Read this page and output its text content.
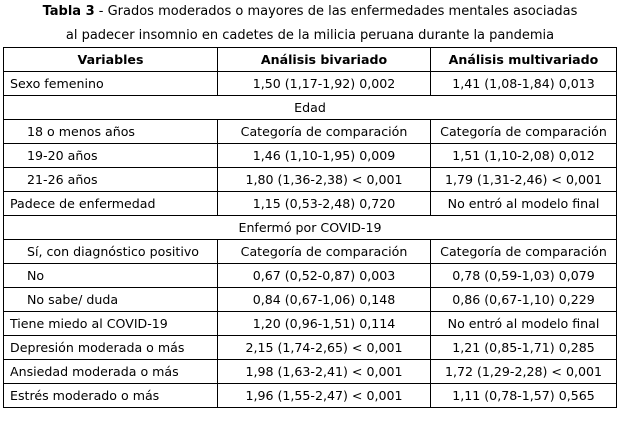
Tabla 3 - Grados moderados o mayores de las enfermedades mentales asociadas
al padecer insomnio en cadetes de la milicia peruana durante la pandemia
Variables	Análisis bivariado	Análisis multivariado
Sexo femenino	1,50 (1,17-1,92) 0,002	1,41 (1,08-1,84) 0,013
Edad		
18 o menos años	Categoría de comparación	Categoría de comparación
19-20 años	1,46 (1,10-1,95) 0,009	1,51 (1,10-2,08) 0,012
21-26 años	1,80 (1,36-2,38) < 0,001	1,79 (1,31-2,46) < 0,001
Padece de enfermedad	1,15 (0,53-2,48) 0,720	No entró al modelo final
Enfermó por COVID-19		
Sí, con diagnóstico positivo	Categoría de comparación	Categoría de comparación
No	0,67 (0,52-0,87) 0,003	0,78 (0,59-1,03) 0,079
No sabe/ duda	0,84 (0,67-1,06) 0,148	0,86 (0,67-1,10) 0,229
Tiene miedo al COVID-19	1,20 (0,96-1,51) 0,114	No entró al modelo final
Depresión moderada o más	2,15 (1,74-2,65) < 0,001	1,21 (0,85-1,71) 0,285
Ansiedad moderada o más	1,98 (1,63-2,41) < 0,001	1,72 (1,29-2,28) < 0,001
Estrés moderado o más	1,96 (1,55-2,47) < 0,001	1,11 (0,78-1,57) 0,565
